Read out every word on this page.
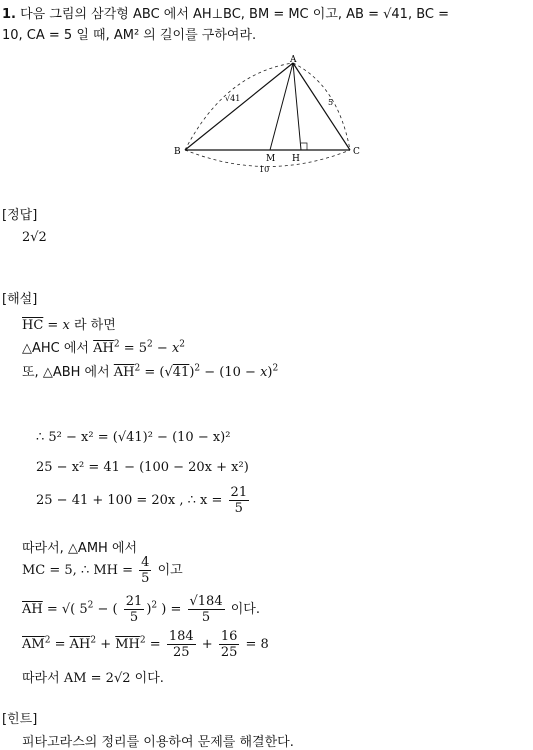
1. 다음 그림의 삼각형 ABC 에서 AH⊥BC, BM = MC 이고, AB = √41, BC =
10, CA = 5 일 때, AM² 의 길이를 구하여라.
A
B	C
M H
√41	5
10
[정답]
2√2
[해설]
$\overline{HC} = x$ 라 하면
△AHC 에서 $\overline{AH}^2 = 5^2 - x^2$
또, △ABH 에서 $\overline{AH}^2 = (√41)^2 - (10 - x)^2$
∴ 5² − x² = (√41)² − (10 − x)²
25 − x² = 41 − (100 − 20x + x²)
25 − 41 + 100 = 20x , ∴ $x = \frac{21}{5}$
따라서, △AMH 에서
MC = 5, ∴ MH = $\frac{4}{5}$ 이고
$\overline{AH}$ = √( $5^2$ − ( $\frac{21}{5} )^2$ ) = $\frac{√184}{5}$ 이다.
$\overline{AM}^2 = \overline{AH}^2 + \overline{MH}^2 = \frac{184}{25} + \frac{16}{25} = 8$
따라서 AM = 2√2 이다.
[힌트]
피타고라스의 정리를 이용하여 문제를 해결한다.
